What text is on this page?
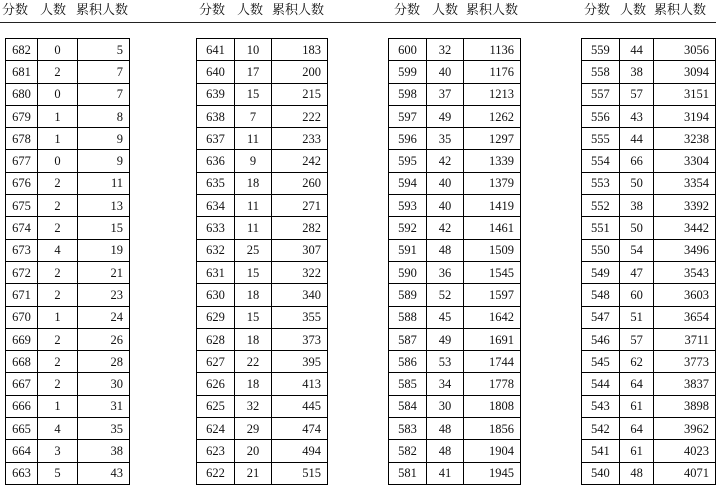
分数 人数 累积人数	分数 人数 累积人数	分数 人数 累积人数	分数 人数 累积人数
682	0	5
681	2	7
680	0	7
679	1	8
678	1	9
677	0	9
676	2	11
675	2	13
674	2	15
673	4	19
672	2	21
671	2	23
670	1	24
669	2	26
668	2	28
667	2	30
666	1	31
665	4	35
664	3	38
663	5	43
641	10	183
640	17	200
639	15	215
638	7	222
637	11	233
636	9	242
635	18	260
634	11	271
633	11	282
632	25	307
631	15	322
630	18	340
629	15	355
628	18	373
627	22	395
626	18	413
625	32	445
624	29	474
623	20	494
622	21	515
600	32	1136
599	40	1176
598	37	1213
597	49	1262
596	35	1297
595	42	1339
594	40	1379
593	40	1419
592	42	1461
591	48	1509
590	36	1545
589	52	1597
588	45	1642
587	49	1691
586	53	1744
585	34	1778
584	30	1808
583	48	1856
582	48	1904
581	41	1945
559	44	3056
558	38	3094
557	57	3151
556	43	3194
555	44	3238
554	66	3304
553	50	3354
552	38	3392
551	50	3442
550	54	3496
549	47	3543
548	60	3603
547	51	3654
546	57	3711
545	62	3773
544	64	3837
543	61	3898
542	64	3962
541	61	4023
540	48	4071
